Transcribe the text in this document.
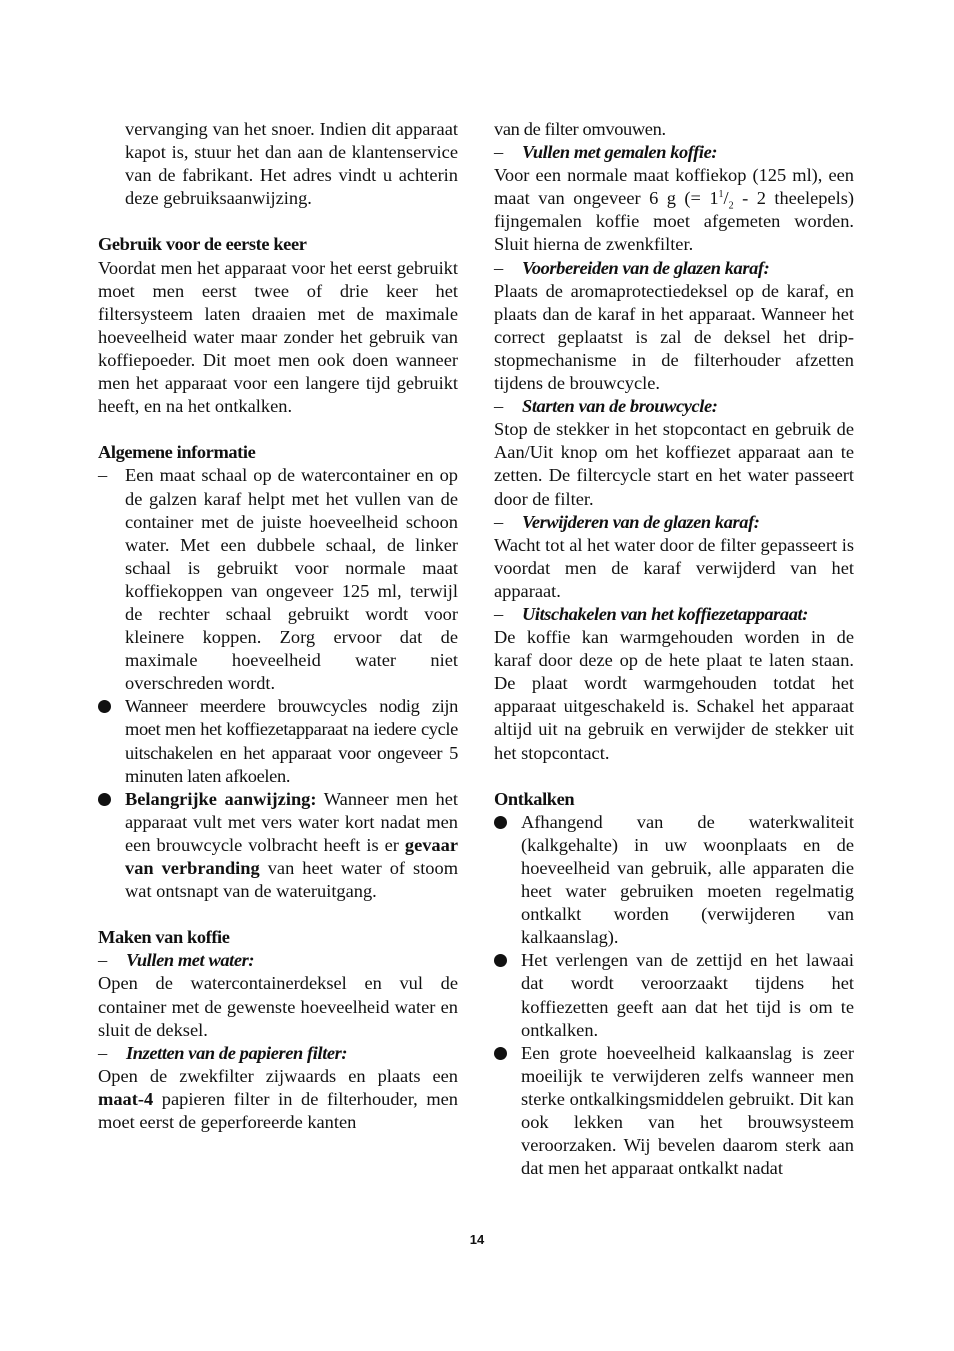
vervanging van het snoer. Indien dit apparaat kapot is, stuur het dan aan de klantenservice van de fabrikant. Het adres vindt u achterin deze gebruiksaanwijzing.

Gebruik voor de eerste keer

Voordat men het apparaat voor het eerst gebruikt moet men eerst twee of drie keer het filtersysteem laten draaien met de maximale hoeveelheid water maar zonder het gebruik van koffiepoeder. Dit moet men ook doen wanneer men het apparaat voor een langere tijd gebruikt heeft, en na het ontkalken.

Algemene informatie
– Een maat schaal op de watercontainer en op de galzen karaf helpt met het vullen van de container met de juiste hoeveelheid schoon water. Met een dubbele schaal, de linker schaal is gebruikt voor normale maat koffiekoppen van ongeveer 125 ml, terwijl de rechter schaal gebruikt wordt voor kleinere koppen. Zorg ervoor dat de maximale hoeveelheid water niet overschreden wordt.
Wanneer meerdere brouwcycles nodig zijn moet men het koffiezetapparaat na iedere cycle uitschakelen en het apparaat voor ongeveer 5 minuten laten afkoelen.
Belangrijke aanwijzing: Wanneer men het apparaat vult met vers water kort nadat men een brouwcycle volbracht heeft is er gevaar van verbranding van heet water of stoom wat ontsnapt van de wateruitgang.
Maken van koffie

– Vullen met water:

Open de watercontainerdeksel en vul de container met de gewenste hoeveelheid water en sluit de deksel.

– Inzetten van de papieren filter:

Open de zwekfilter zijwaards en plaats een maat-4 papieren filter in de filterhouder, men moet eerst de geperforeerde kanten

van de filter omvouwen.

– Vullen met gemalen koffie:

Voor een normale maat koffiekop (125 ml), een maat van ongeveer 6 g (= $1^1/_2 - 2$ theelepels) fijngemalen koffie moet afgemeten worden. Sluit hierna de zwenkfilter.

– Voorbereiden van de glazen karaf:

Plaats de aromaprotectiedeksel op de karaf, en plaats dan de karaf in het apparaat. Wanneer het correct geplaatst is zal de deksel het drip-stopmechanisme in de filterhouder afzetten tijdens de brouwcycle.

– Starten van de brouwcycle:

Stop de stekker in het stopcontact en gebruik de Aan/Uit knop om het koffiezet apparaat aan te zetten. De filtercycle start en het water passeert door de filter.

– Verwijderen van de glazen karaf:

Wacht tot al het water door de filter gepasseert is voordat men de karaf verwijderd van het apparaat.

– Uitschakelen van het koffiezetapparaat:

De koffie kan warmgehouden worden in de karaf door deze op de hete plaat te laten staan. De plaat wordt warmgehouden totdat het apparaat uitgeschakeld is. Schakel het apparaat altijd uit na gebruik en verwijder de stekker uit het stopcontact.

Ontkalken
Afhangend van de waterkwaliteit (kalkgehalte) in uw woonplaats en de hoeveelheid van gebruik, alle apparaten die heet water gebruiken moeten regelmatig ontkalkt worden (verwijderen van kalkaanslag).
Het verlengen van de zettijd en het lawaai dat wordt veroorzaakt tijdens het koffiezetten geeft aan dat het tijd is om te ontkalken.
Een grote hoeveelheid kalkaanslag is zeer moeilijk te verwijderen zelfs wanneer men sterke ontkalkingsmiddelen gebruikt. Dit kan ook lekken van het brouwsysteem veroorzaken. Wij bevelen daarom sterk aan dat men het apparaat ontkalkt nadat
14
